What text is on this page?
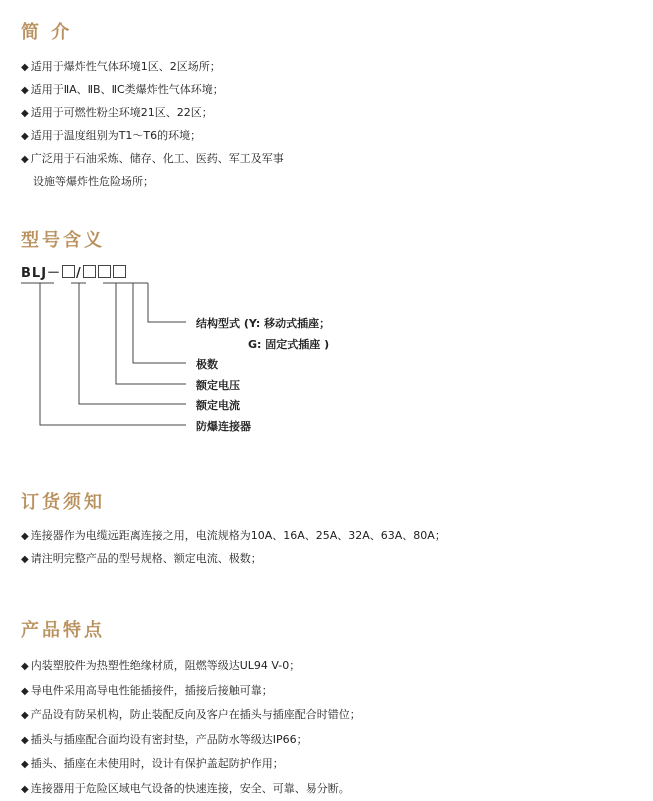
简 介
◆ 适用于爆炸性气体环境1区、2区场所；
◆ 适用于ⅡA、ⅡB、ⅡC类爆炸性气体环境；
◆ 适用于可燃性粉尘环境21区、22区；
◆ 适用于温度组别为T1～T6的环境；
◆ 广泛用于石油采炼、储存、化工、医药、军工及军事
设施等爆炸性危险场所；
型号含义
BLJ－ /
结构型式 (Y: 移动式插座；
G: 固定式插座 )
极数
额定电压
额定电流
防爆连接器
订货须知
◆ 连接器作为电缆远距离连接之用，电流规格为10A、16A、25A、32A、63A、80A；
◆ 请注明完整产品的型号规格、额定电流、极数；
产品特点
◆ 内装塑胶件为热塑性绝缘材质，阻燃等级达UL94 V-0；
◆ 导电件采用高导电性能插接件，插接后接触可靠；
◆ 产品设有防呆机构，防止装配反向及客户在插头与插座配合时错位；
◆ 插头与插座配合面均设有密封垫，产品防水等级达IP66；
◆ 插头、插座在未使用时，设计有保护盖起防护作用；
◆ 连接器用于危险区域电气设备的快速连接，安全、可靠、易分断。
